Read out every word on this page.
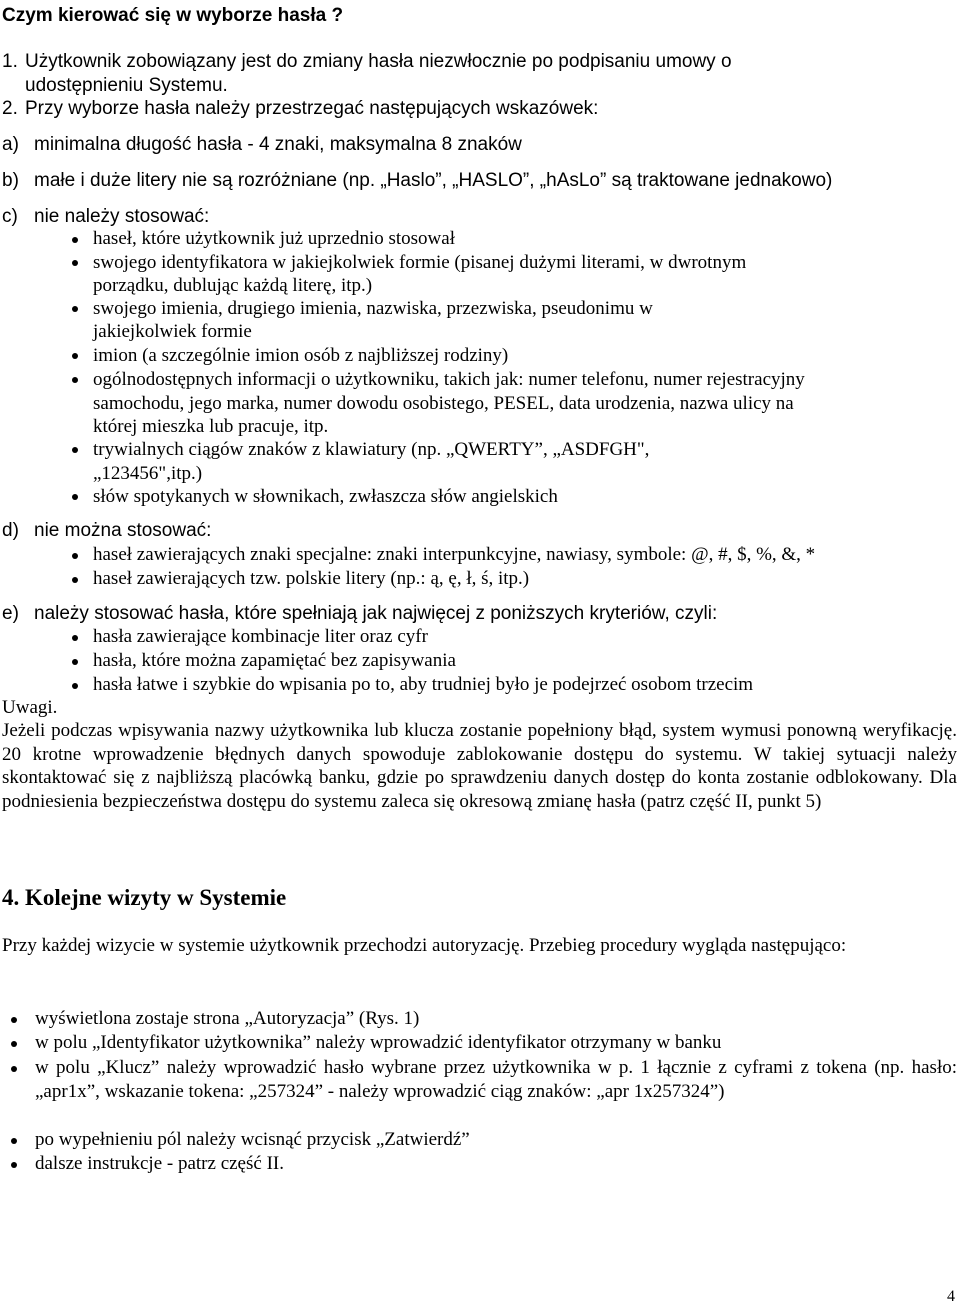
Czym kierować się w wyborze hasła ?
1. Użytkownik zobowiązany jest do zmiany hasła niezwłocznie po podpisaniu umowy o
udostępnieniu Systemu.
2. Przy wyborze hasła należy przestrzegać następujących wskazówek:
a) minimalna długość hasła - 4 znaki, maksymalna 8 znaków
b) małe i duże litery nie są rozróżniane (np. „Haslo”, „HASLO”, „hAsLo” są traktowane jednakowo)
c) nie należy stosować:
haseł, które użytkownik już uprzednio stosował
swojego identyfikatora w jakiejkolwiek formie (pisanej dużymi literami, w dwrotnym
porządku, dublując każdą literę, itp.)
swojego imienia, drugiego imienia, nazwiska, przezwiska, pseudonimu w
jakiejkolwiek formie
imion (a szczególnie imion osób z najbliższej rodziny)
ogólnodostępnych informacji o użytkowniku, takich jak: numer telefonu, numer rejestracyjny
samochodu, jego marka, numer dowodu osobistego, PESEL, data urodzenia, nazwa ulicy na
której mieszka lub pracuje, itp.
trywialnych ciągów znaków z klawiatury (np. „QWERTY”, „ASDFGH",
„123456",itp.)
słów spotykanych w słownikach, zwłaszcza słów angielskich
d) nie można stosować:
haseł zawierających znaki specjalne: znaki interpunkcyjne, nawiasy, symbole: @, #, $, %, &, *
haseł zawierających tzw. polskie litery (np.: ą, ę, ł, ś, itp.)
e) należy stosować hasła, które spełniają jak najwięcej z poniższych kryteriów, czyli:
hasła zawierające kombinacje liter oraz cyfr
hasła, które można zapamiętać bez zapisywania
hasła łatwe i szybkie do wpisania po to, aby trudniej było je podejrzeć osobom trzecim
Uwagi.
Jeżeli podczas wpisywania nazwy użytkownika lub klucza zostanie popełniony błąd, system wymusi ponowną weryfikację. 20 krotne wprowadzenie błędnych danych spowoduje zablokowanie dostępu do systemu. W takiej sytuacji należy skontaktować się z najbliższą placówką banku, gdzie po sprawdzeniu danych dostęp do konta zostanie odblokowany. Dla podniesienia bezpieczeństwa dostępu do systemu zaleca się okresową zmianę hasła (patrz część II, punkt 5)
4. Kolejne wizyty w Systemie
Przy każdej wizycie w systemie użytkownik przechodzi autoryzację. Przebieg procedury wygląda następująco:
wyświetlona zostaje strona „Autoryzacja” (Rys. 1)
w polu „Identyfikator użytkownika” należy wprowadzić identyfikator otrzymany w banku
w polu „Klucz” należy wprowadzić hasło wybrane przez użytkownika w p. 1 łącznie z cyframi z tokena (np. hasło: „apr1x”, wskazanie tokena: „257324” - należy wprowadzić ciąg znaków: „apr 1x257324”)
po wypełnieniu pól należy wcisnąć przycisk „Zatwierdź”
dalsze instrukcje - patrz część II.
4
